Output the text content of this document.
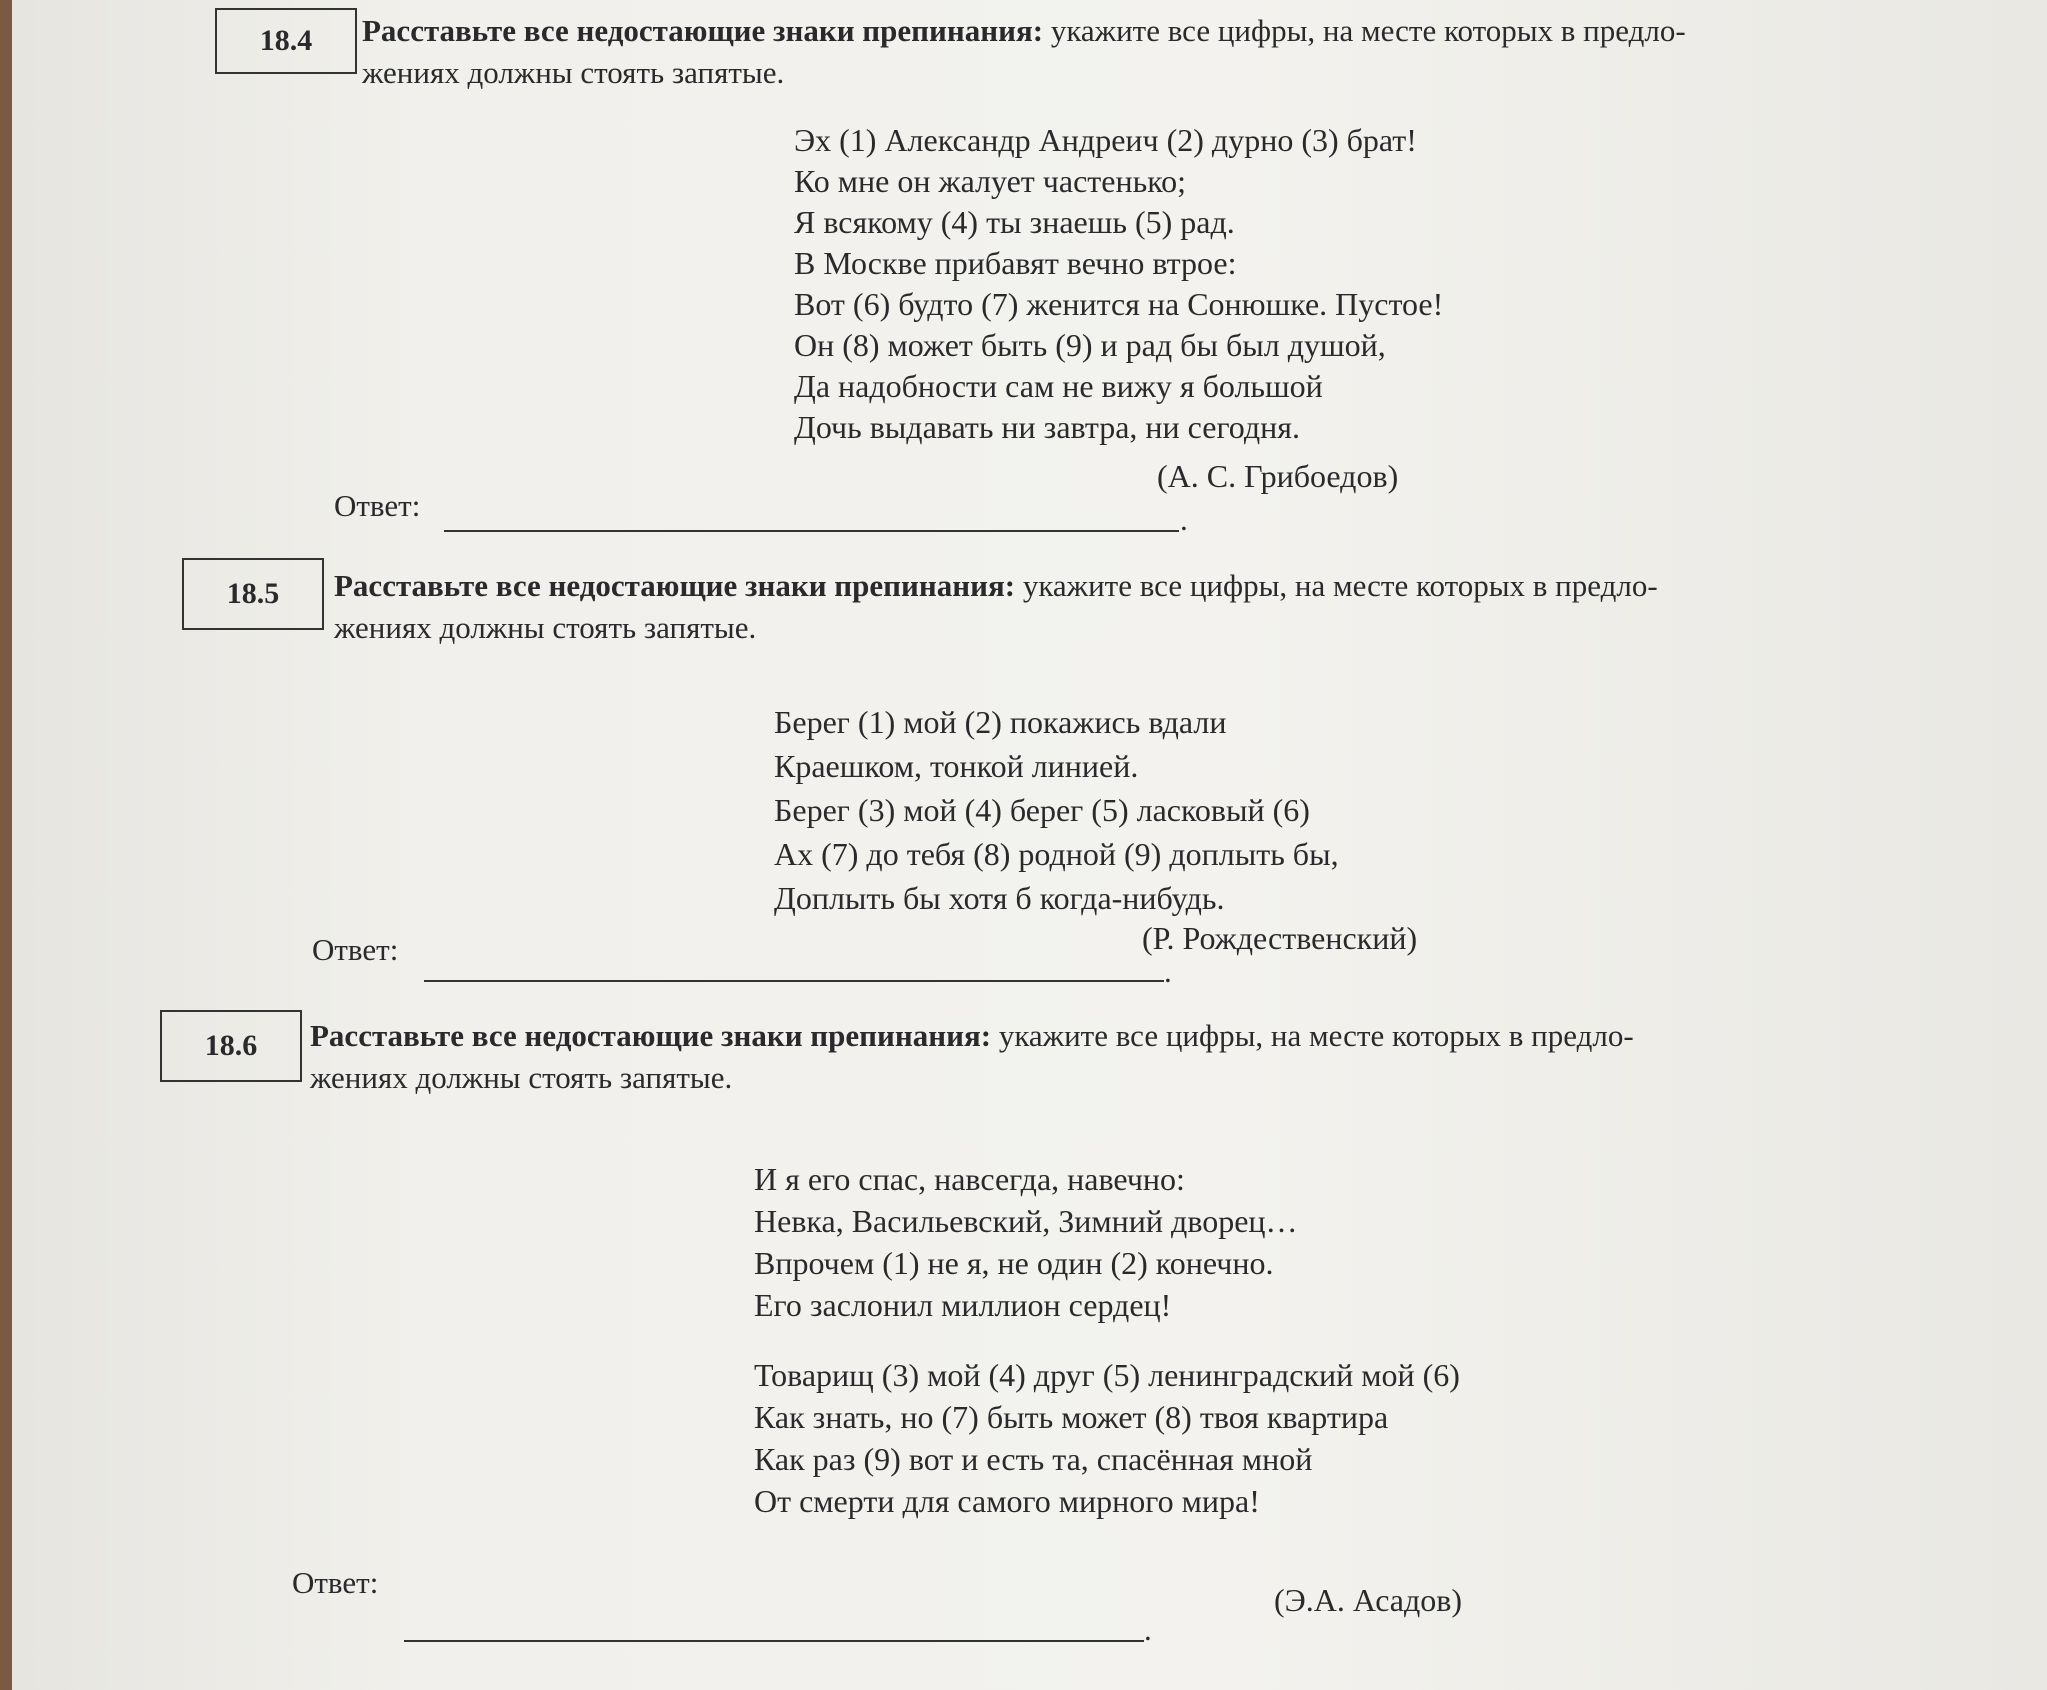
18.4 Расставьте все недостающие знаки препинания: укажите все цифры, на месте которых в предло-
жениях должны стоять запятые.
Эх (1) Александр Андреич (2) дурно (3) брат!
Ко мне он жалует частенько;
Я всякому (4) ты знаешь (5) рад.
В Москве прибавят вечно втрое:
Вот (6) будто (7) женится на Сонюшке. Пустое!
Он (8) может быть (9) и рад бы был душой,
Да надобности сам не вижу я большой
Дочь выдавать ни завтра, ни сегодня.
(А. С. Грибоедов)
Ответ:	.
18.5 Расставьте все недостающие знаки препинания: укажите все цифры, на месте которых в предло-
жениях должны стоять запятые.
Берег (1) мой (2) покажись вдали
Краешком, тонкой линией.
Берег (3) мой (4) берег (5) ласковый (6)
Ах (7) до тебя (8) родной (9) доплыть бы,
Доплыть бы хотя б когда-нибудь.
(Р. Рождественский)
Ответ:
.
18.6 Расставьте все недостающие знаки препинания: укажите все цифры, на месте которых в предло-
жениях должны стоять запятые.
И я его спас, навсегда, навечно:
Невка, Васильевский, Зимний дворец…
Впрочем (1) не я, не один (2) конечно.
Его заслонил миллион сердец!
Товарищ (3) мой (4) друг (5) ленинградский мой (6)
Как знать, но (7) быть может (8) твоя квартира
Как раз (9) вот и есть та, спасённая мной
От смерти для самого мирного мира!
(Э.А. Асадов)
Ответ:
.
